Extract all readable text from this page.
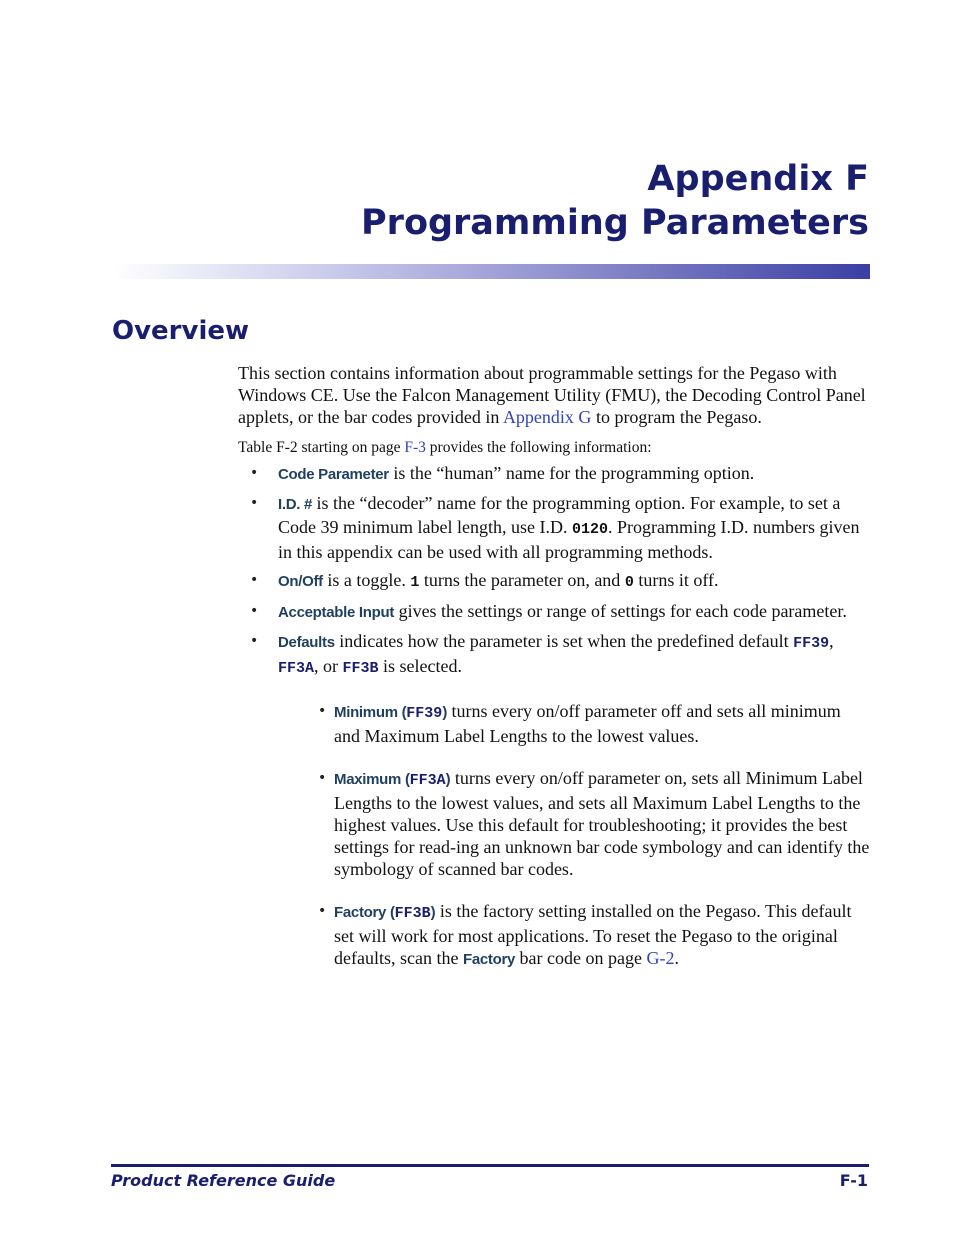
Appendix F
Programming Parameters
Overview

This section contains information about programmable settings for the Pegaso with Windows CE. Use the Falcon Management Utility (FMU), the Decoding Control Panel applets, or the bar codes provided in Appendix G to program the Pegaso.

Table F-2 starting on page F-3 provides the following information:

• Code Parameter is the “human” name for the programming option.
• I.D. # is the “decoder” name for the programming option. For example, to set a Code 39 minimum label length, use I.D. 0120. Programming I.D. numbers given in this appendix can be used with all programming methods.
• On/Off is a toggle. 1 turns the parameter on, and 0 turns it off.
• Acceptable Input gives the settings or range of settings for each code parameter.
• Defaults indicates how the parameter is set when the predefined default FF39, FF3A, or FF3B is selected.
• Minimum (FF39) turns every on/off parameter off and sets all minimum and Maximum Label Lengths to the lowest values.
• Maximum (FF3A) turns every on/off parameter on, sets all Minimum Label Lengths to the lowest values, and sets all Maximum Label Lengths to the highest values. Use this default for troubleshooting; it provides the best settings for read-ing an unknown bar code symbology and can identify the symbology of scanned bar codes.
• Factory (FF3B) is the factory setting installed on the Pegaso. This default set will work for most applications. To reset the Pegaso to the original defaults, scan the Factory bar code on page G-2.
Product Reference Guide	F-1
